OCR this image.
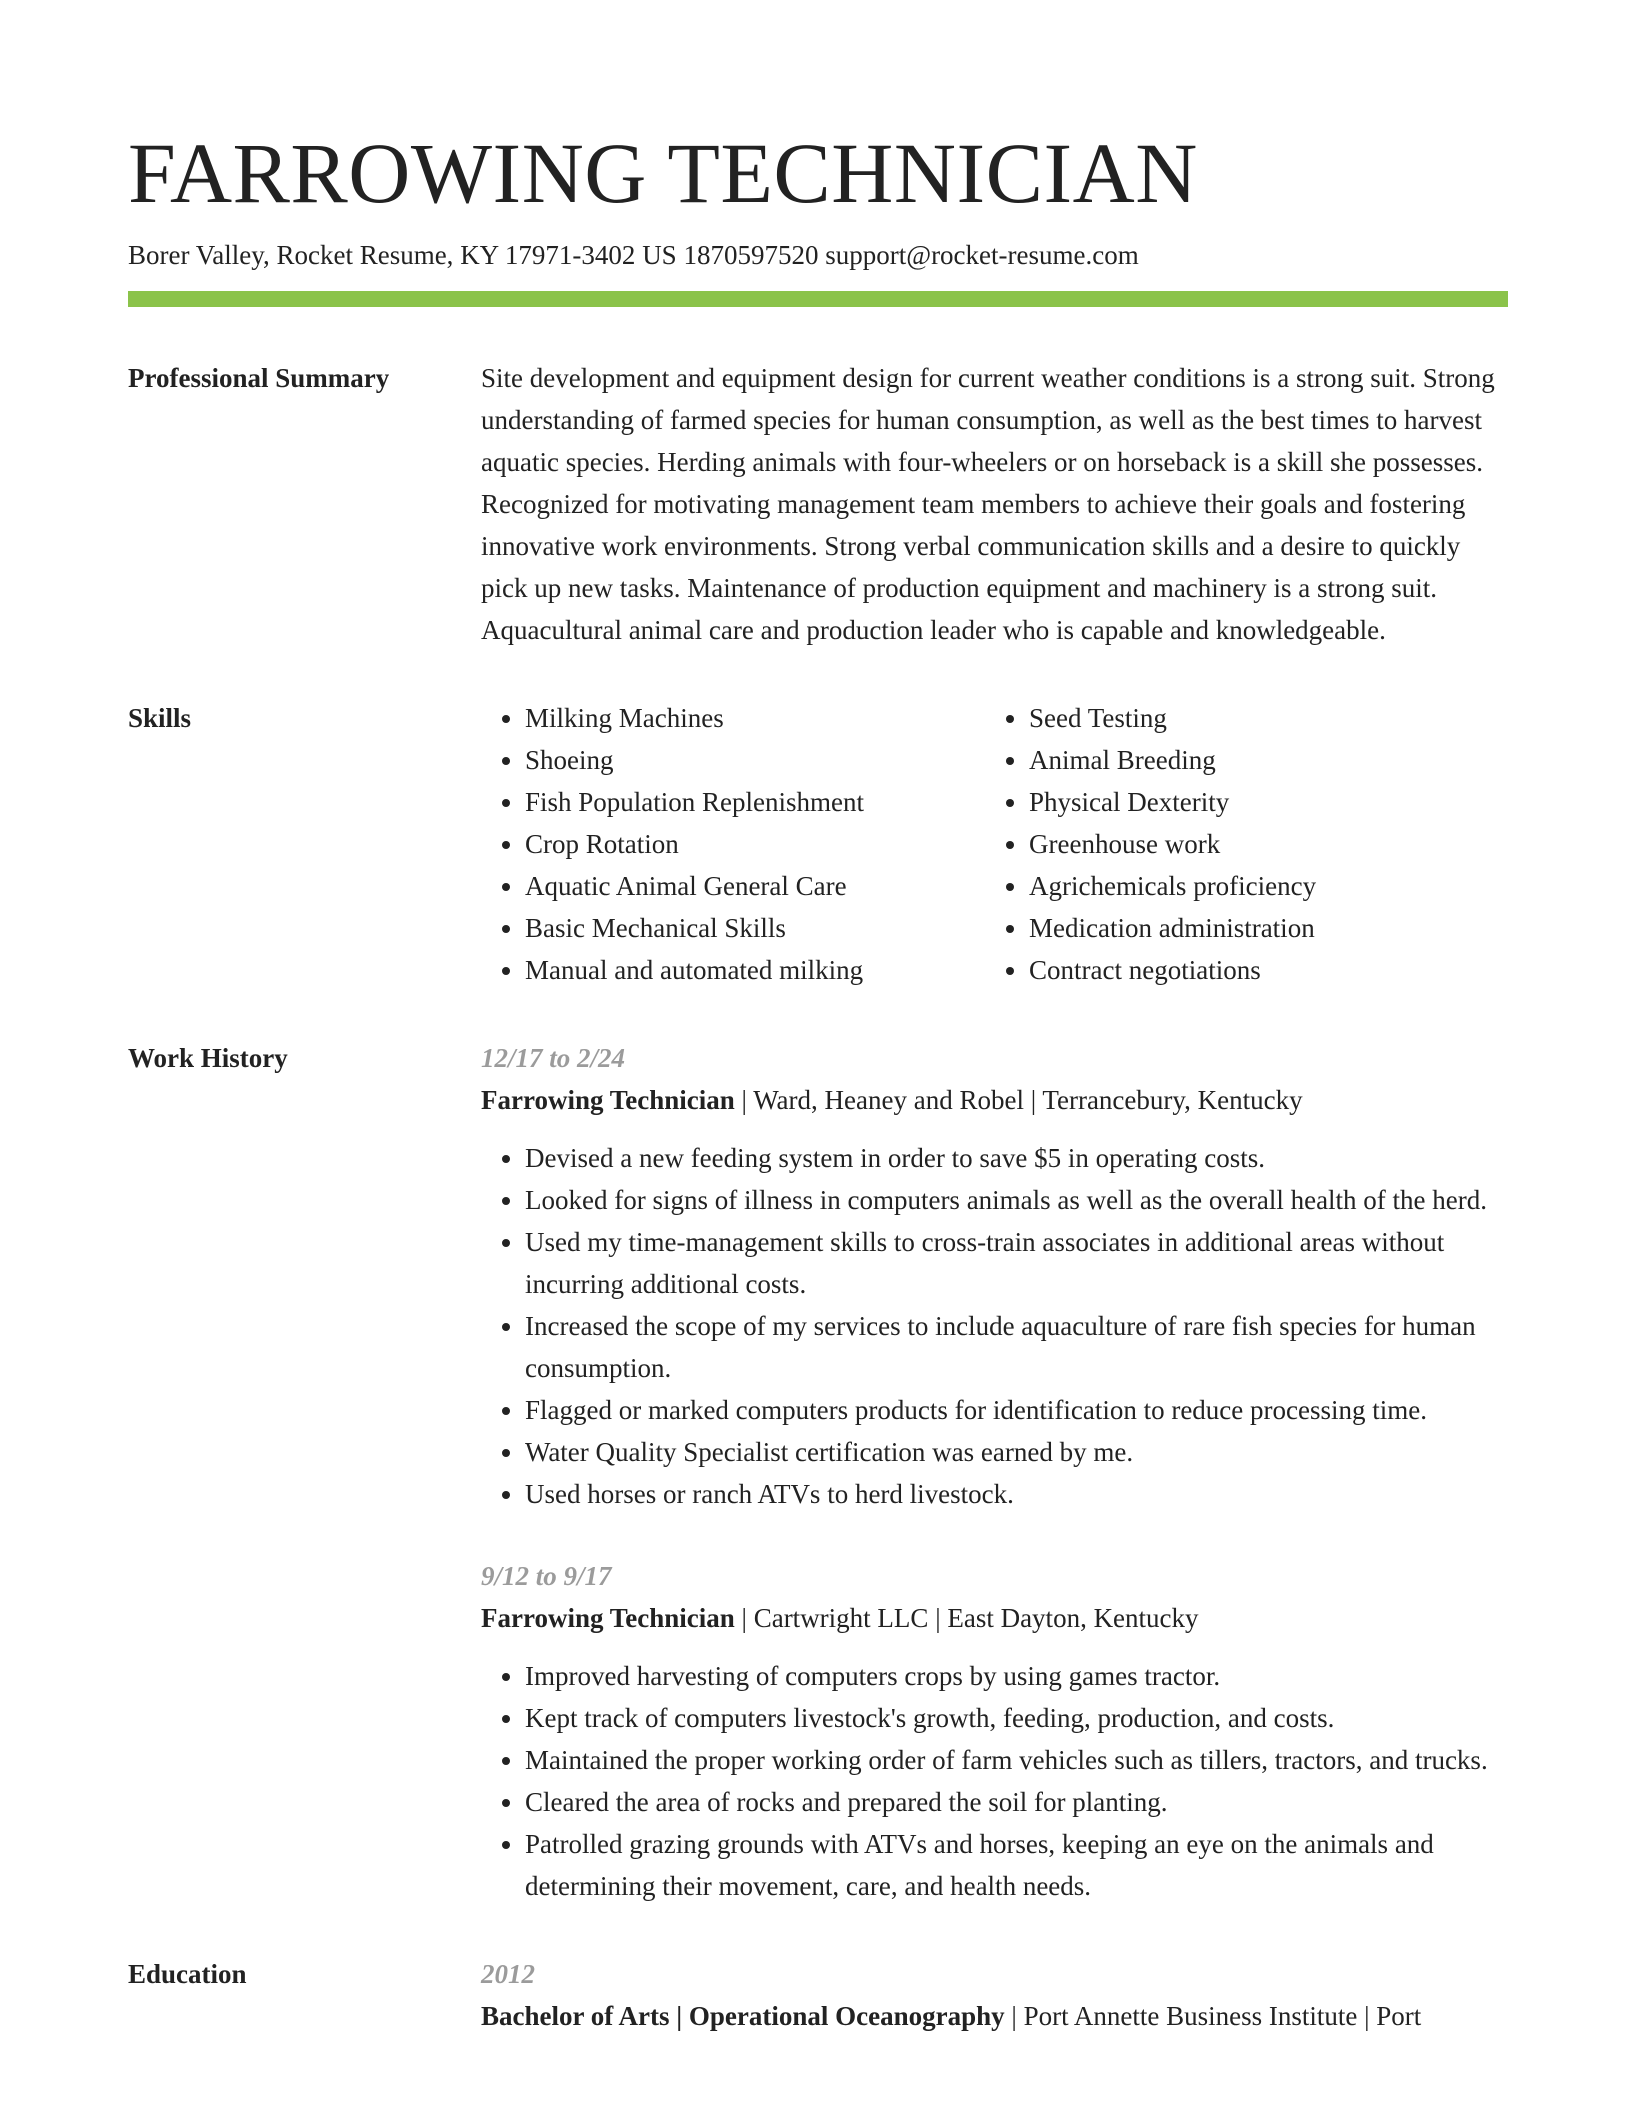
FARROWING TECHNICIAN
Borer Valley, Rocket Resume, KY 17971-3402 US 1870597520 support@rocket-resume.com
Professional Summary	Site development and equipment design for current weather conditions is a strong suit. Strong understanding of farmed species for human consumption, as well as the best times to harvest aquatic species. Herding animals with four-wheelers or on horseback is a skill she possesses. Recognized for motivating management team members to achieve their goals and fostering innovative work environments. Strong verbal communication skills and a desire to quickly pick up new tasks. Maintenance of production equipment and machinery is a strong suit. Aquacultural animal care and production leader who is capable and knowledgeable.

Skills	• Milking Machines
• Shoeing
• Fish Population Replenishment
• Crop Rotation
• Aquatic Animal General Care
• Basic Mechanical Skills
• Manual and automated milking
• Seed Testing
• Animal Breeding
• Physical Dexterity
• Greenhouse work
• Agrichemicals proficiency
• Medication administration
• Contract negotiations
Work History	12/17 to 2/24
Farrowing Technician | Ward, Heaney and Robel | Terrancebury, Kentucky
• Devised a new feeding system in order to save $5 in operating costs.
• Looked for signs of illness in computers animals as well as the overall health of the herd.
• Used my time-management skills to cross-train associates in additional areas without incurring additional costs.
• Increased the scope of my services to include aquaculture of rare fish species for human consumption.
• Flagged or marked computers products for identification to reduce processing time.
• Water Quality Specialist certification was earned by me.
• Used horses or ranch ATVs to herd livestock.
9/12 to 9/17
Farrowing Technician | Cartwright LLC | East Dayton, Kentucky
• Improved harvesting of computers crops by using games tractor.
• Kept track of computers livestock's growth, feeding, production, and costs.
• Maintained the proper working order of farm vehicles such as tillers, tractors, and trucks.
• Cleared the area of rocks and prepared the soil for planting.
• Patrolled grazing grounds with ATVs and horses, keeping an eye on the animals and determining their movement, care, and health needs.
Education	2012
Bachelor of Arts | Operational Oceanography | Port Annette Business Institute | Port
